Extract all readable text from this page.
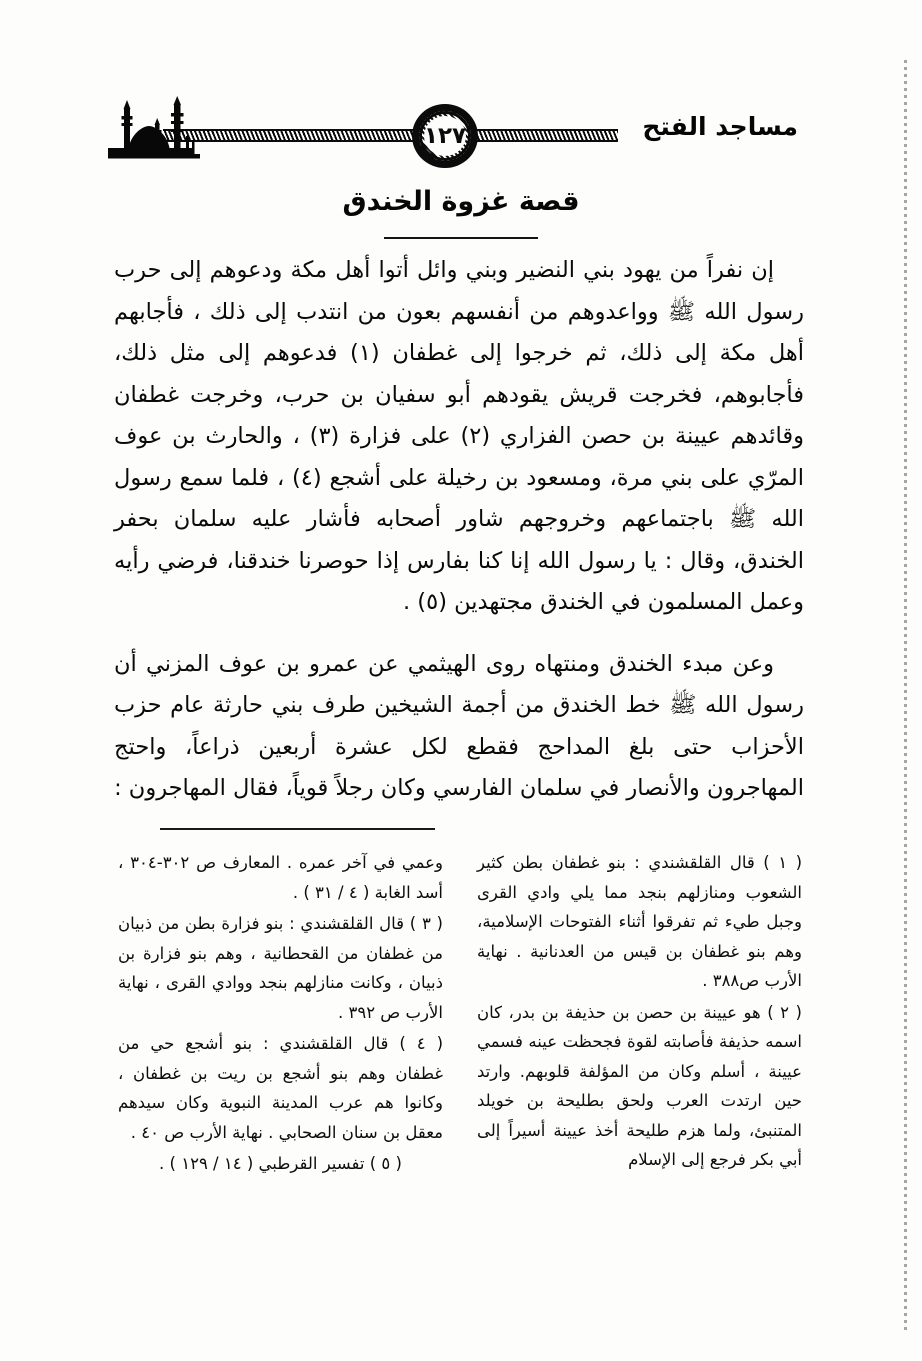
مساجد الفتح
١٢٧
قصة غزوة الخندق

إن نفراً من يهود بني النضير وبني وائل أتوا أهل مكة ودعوهم إلى حرب رسول الله ﷺ وواعدوهم من أنفسهم بعون من انتدب إلى ذلك ، فأجابهم أهل مكة إلى ذلك، ثم خرجوا إلى غطفان (١) فدعوهم إلى مثل ذلك، فأجابوهم، فخرجت قريش يقودهم أبو سفيان بن حرب، وخرجت غطفان وقائدهم عيينة بن حصن الفزاري (٢) على فزارة (٣) ، والحارث بن عوف المرّي على بني مرة، ومسعود بن رخيلة على أشجع (٤) ، فلما سمع رسول الله ﷺ باجتماعهم وخروجهم شاور أصحابه فأشار عليه سلمان بحفر الخندق، وقال : يا رسول الله إنا كنا بفارس إذا حوصرنا خندقنا، فرضي رأيه وعمل المسلمون في الخندق مجتهدين (٥) .

وعن مبدء الخندق ومنتهاه روى الهيثمي عن عمرو بن عوف المزني أن رسول الله ﷺ خط الخندق من أجمة الشيخين طرف بني حارثة عام حزب الأحزاب حتى بلغ المداحج فقطع لكل عشرة أربعين ذراعاً، واحتج المهاجرون والأنصار في سلمان الفارسي وكان رجلاً قوياً، فقال المهاجرون :

( ١ ) قال القلقشندي : بنو غطفان بطن كثير الشعوب ومنازلهم بنجد مما يلي وادي القرى وجبل طيء ثم تفرقوا أثناء الفتوحات الإسلامية، وهم بنو غطفان بن قيس من العدنانية . نهاية الأرب ص٣٨٨ .
( ٢ ) هو عيينة بن حصن بن حذيفة بن بدر، كان اسمه حذيفة فأصابته لقوة فجحظت عينه فسمي عيينة ، أسلم وكان من المؤلفة قلوبهم. وارتد حين ارتدت العرب ولحق بطليحة بن خويلد المتنبئ، ولما هزم طليحة أخذ عيينة أسيراً إلى أبي بكر فرجع إلى الإسلام
وعمي في آخر عمره . المعارف ص ٣٠٢-٣٠٤ ، أسد الغابة ( ٤ / ٣١ ) .
( ٣ ) قال القلقشندي : بنو فزارة بطن من ذبيان من غطفان من القحطانية ، وهم بنو فزارة بن ذبيان ، وكانت منازلهم بنجد ووادي القرى ، نهاية الأرب ص ٣٩٢ .
( ٤ ) قال القلقشندي : بنو أشجع حي من غطفان وهم بنو أشجع بن ريت بن غطفان ، وكانوا هم عرب المدينة النبوية وكان سيدهم معقل بن سنان الصحابي . نهاية الأرب ص ٤٠ .
( ٥ ) تفسير القرطبي ( ١٤ / ١٢٩ ) .
